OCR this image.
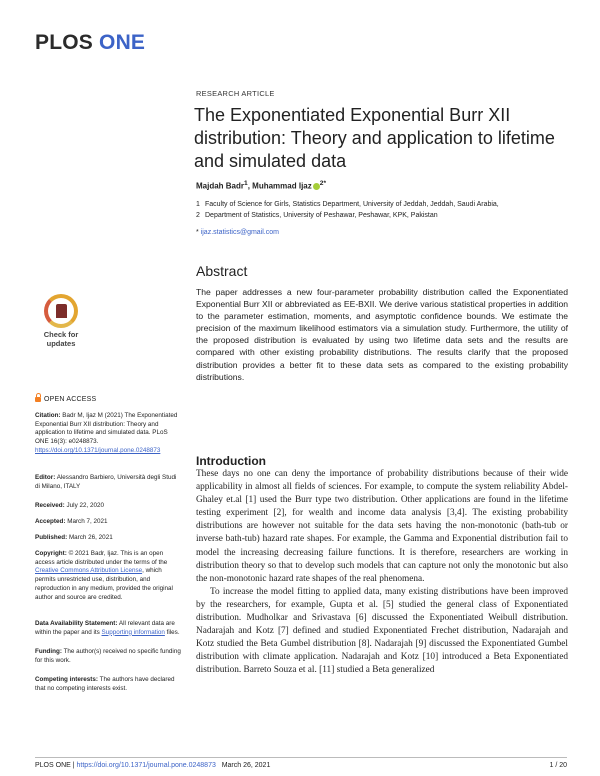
PLOS ONE
RESEARCH ARTICLE
The Exponentiated Exponential Burr XII distribution: Theory and application to lifetime and simulated data
Majdah Badr$^1$, Muhammad Ijaz $^{2*}$
1 Faculty of Science for Girls, Statistics Department, University of Jeddah, Jeddah, Saudi Arabia,
2 Department of Statistics, University of Peshawar, Peshawar, KPK, Pakistan
* ijaz.statistics@gmail.com
Abstract

The paper addresses a new four-parameter probability distribution called the Exponentiated Exponential Burr XII or abbreviated as EE-BXII. We derive various statistical properties in addition to the parameter estimation, moments, and asymptotic confidence bounds. We estimate the precision of the maximum likelihood estimators via a simulation study. Furthermore, the utility of the proposed distribution is evaluated by using two lifetime data sets and the results are compared with other existing probability distributions. The results clarify that the proposed distribution provides a better fit to these data sets as compared to the existing probability distributions.

Check for
updates
OPEN ACCESS
Citation: Badr M, Ijaz M (2021) The Exponentiated Exponential Burr XII distribution: Theory and application to lifetime and simulated data. PLoS ONE 16(3): e0248873. https://doi.org/10.1371/journal.pone.0248873
Editor: Alessandro Barbiero, Università degli Studi di Milano, ITALY
Received: July 22, 2020
Accepted: March 7, 2021
Published: March 26, 2021
Copyright: © 2021 Badr, Ijaz. This is an open access article distributed under the terms of the Creative Commons Attribution License, which permits unrestricted use, distribution, and reproduction in any medium, provided the original author and source are credited.
Data Availability Statement: All relevant data are within the paper and its Supporting information files.
Funding: The author(s) received no specific funding for this work.
Competing interests: The authors have declared that no competing interests exist.
Introduction

These days no one can deny the importance of probability distributions because of their wide applicability in almost all fields of sciences. For example, to compute the system reliability Abdel-Ghaley et.al [1] used the Burr type two distribution. Other applications are found in the lifetime testing experiment [2], for wealth and income data analysis [3,4]. The existing probability distributions are however not suitable for the data sets having the non-monotonic (bath-tub or inverse bath-tub) hazard rate shapes. For example, the Gamma and Exponential distribution fail to model the increasing decreasing failure functions. It is therefore, researchers are working in distribution theory so that to develop such models that can capture not only the monotonic but also the non-monotonic hazard rate shapes of the real phenomena.

To increase the model fitting to applied data, many existing distributions have been improved by the researchers, for example, Gupta et al. [5] studied the general class of Exponentiated distribution. Mudholkar and Srivastava [6] discussed the Exponentiated Weibull distribution. Nadarajah and Kotz [7] defined and studied Exponentiated Frechet distribution, Nadarajah and Kotz studied the Beta Gumbel distribution [8]. Nadarajah [9] discussed the Exponentiated Gumbel distribution with climate application. Nadarajah and Kotz [10] introduced a Beta Exponentiated distribution. Barreto Souza et al. [11] studied a Beta generalized

PLOS ONE | https://doi.org/10.1371/journal.pone.0248873 March 26, 2021	1 / 20
